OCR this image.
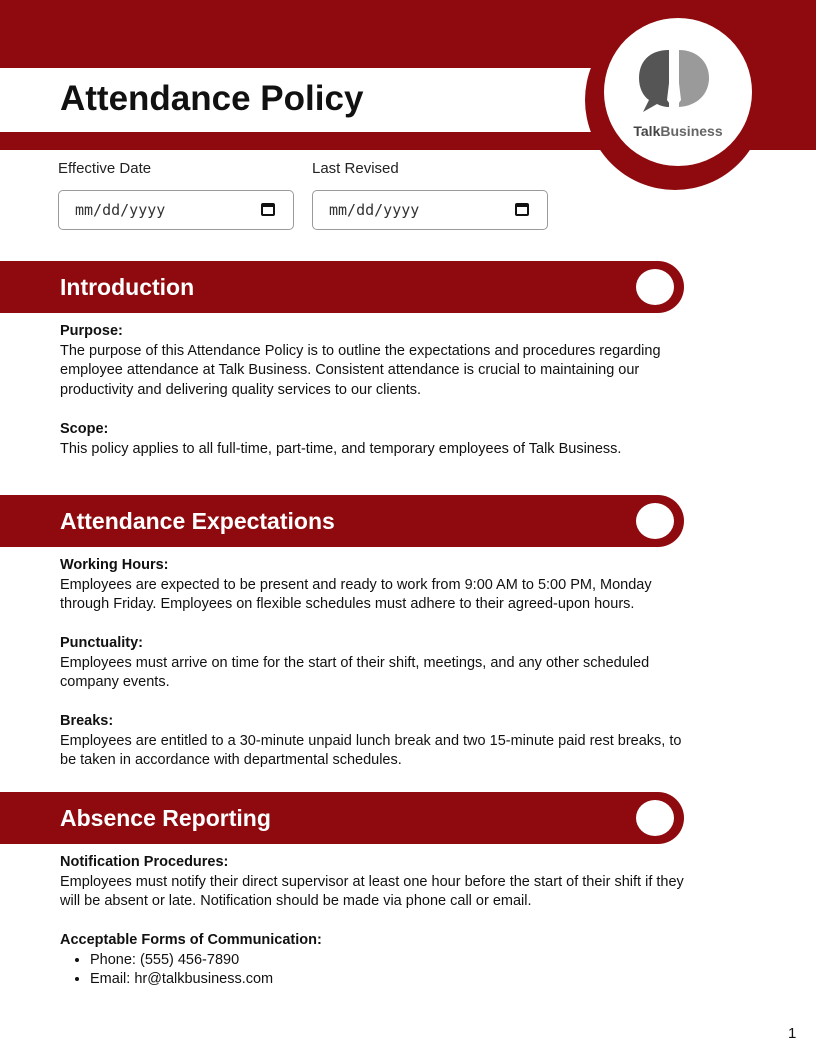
Attendance Policy
TalkBusiness
Effective Date
mm/dd/yyyy	Last Revised
mm/dd/yyyy
Introduction
Purpose:
The purpose of this Attendance Policy is to outline the expectations and procedures regarding employee attendance at Talk Business. Consistent attendance is crucial to maintaining our productivity and delivering quality services to our clients.
Scope:
This policy applies to all full-time, part-time, and temporary employees of Talk Business.
Attendance Expectations
Working Hours:
Employees are expected to be present and ready to work from 9:00 AM to 5:00 PM, Monday through Friday. Employees on flexible schedules must adhere to their agreed-upon hours.
Punctuality:
Employees must arrive on time for the start of their shift, meetings, and any other scheduled company events.
Breaks:
Employees are entitled to a 30-minute unpaid lunch break and two 15-minute paid rest breaks, to be taken in accordance with departmental schedules.
Absence Reporting
Notification Procedures:
Employees must notify their direct supervisor at least one hour before the start of their shift if they will be absent or late. Notification should be made via phone call or email.
Acceptable Forms of Communication:
• Phone: (555) 456-7890
• Email: hr@talkbusiness.com
1
